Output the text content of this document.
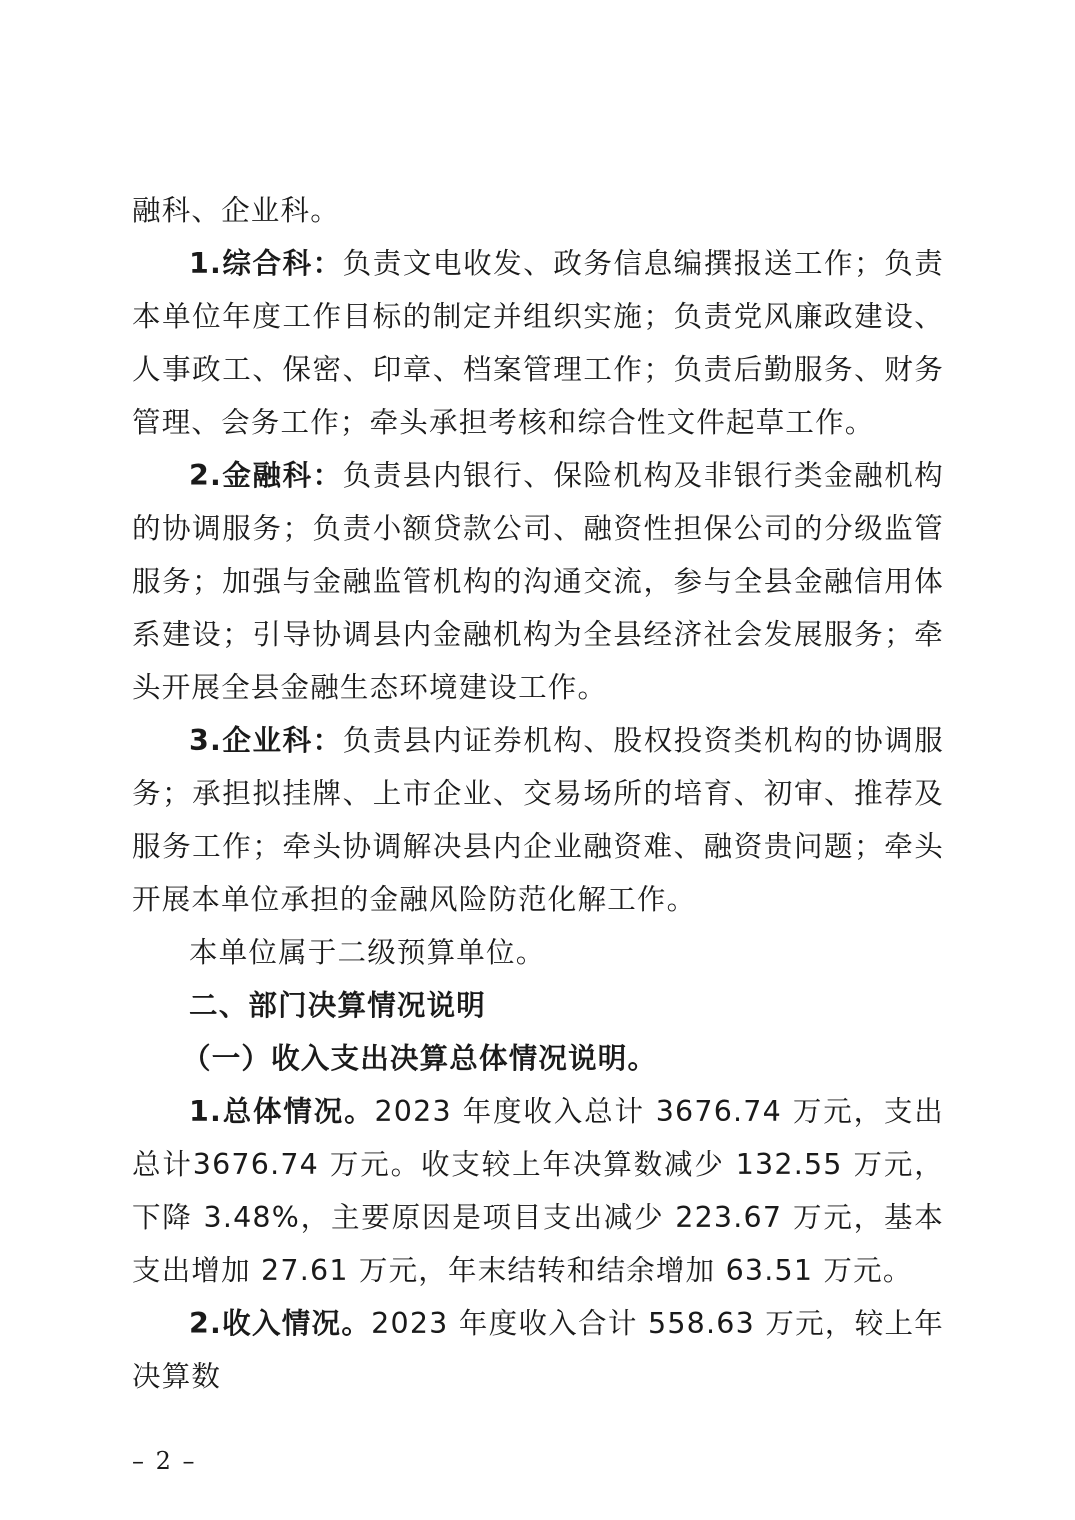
融科、企业科。

1.综合科：负责文电收发、政务信息编撰报送工作；负责本单位年度工作目标的制定并组织实施；负责党风廉政建设、人事政工、保密、印章、档案管理工作；负责后勤服务、财务管理、会务工作；牵头承担考核和综合性文件起草工作。

2.金融科：负责县内银行、保险机构及非银行类金融机构的协调服务；负责小额贷款公司、融资性担保公司的分级监管服务；加强与金融监管机构的沟通交流，参与全县金融信用体系建设；引导协调县内金融机构为全县经济社会发展服务；牵头开展全县金融生态环境建设工作。

3.企业科：负责县内证券机构、股权投资类机构的协调服务；承担拟挂牌、上市企业、交易场所的培育、初审、推荐及服务工作；牵头协调解决县内企业融资难、融资贵问题；牵头开展本单位承担的金融风险防范化解工作。

本单位属于二级预算单位。

二、部门决算情况说明

（一）收入支出决算总体情况说明。

1.总体情况。2023 年度收入总计 3676.74 万元，支出总计3676.74 万元。收支较上年决算数减少 132.55 万元，下降 3.48%，主要原因是项目支出减少 223.67 万元，基本支出增加 27.61 万元，年末结转和结余增加 63.51 万元。

2.收入情况。2023 年度收入合计 558.63 万元，较上年决算数

– 2 –
